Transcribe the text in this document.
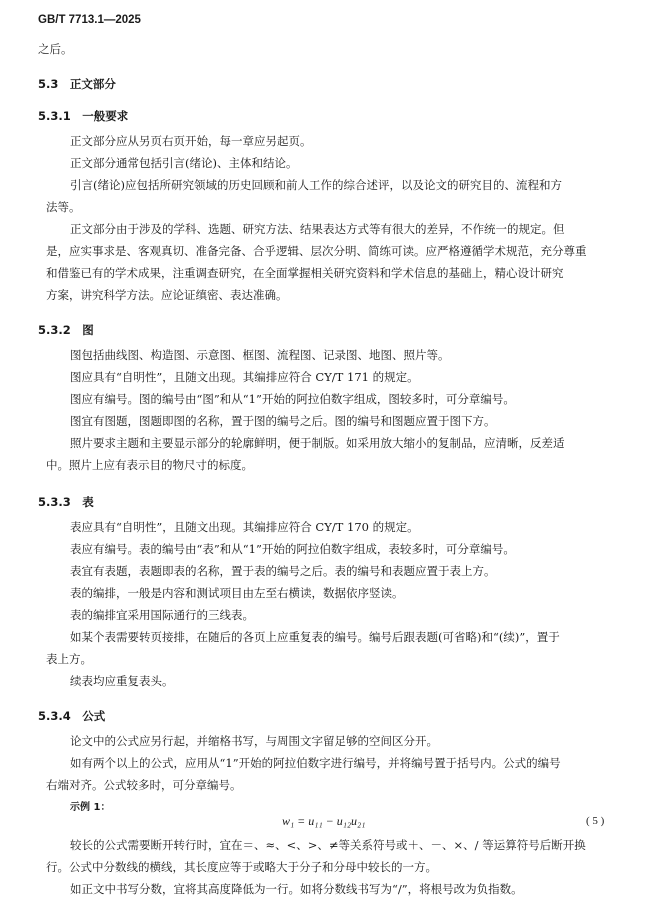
GB/T 7713.1—2025
之后。
5.3　正文部分
5.3.1　一般要求
正文部分应从另页右页开始，每一章应另起页。
正文部分通常包括引言(绪论)、主体和结论。
引言(绪论)应包括所研究领域的历史回顾和前人工作的综合述评，以及论文的研究目的、流程和方
法等。
正文部分由于涉及的学科、选题、研究方法、结果表达方式等有很大的差异，不作统一的规定。但
是，应实事求是、客观真切、准备完备、合乎逻辑、层次分明、简练可读。应严格遵循学术规范，充分尊重
和借鉴已有的学术成果，注重调查研究，在全面掌握相关研究资料和学术信息的基础上，精心设计研究
方案，讲究科学方法。应论证缜密、表达准确。
5.3.2　图
图包括曲线图、构造图、示意图、框图、流程图、记录图、地图、照片等。
图应具有“自明性”，且随文出现。其编排应符合 CY/T 171 的规定。
图应有编号。图的编号由“图”和从“1”开始的阿拉伯数字组成，图较多时，可分章编号。
图宜有图题，图题即图的名称，置于图的编号之后。图的编号和图题应置于图下方。
照片要求主题和主要显示部分的轮廓鲜明，便于制版。如采用放大缩小的复制品，应清晰，反差适
中。照片上应有表示目的物尺寸的标度。
5.3.3　表
表应具有“自明性”，且随文出现。其编排应符合 CY/T 170 的规定。
表应有编号。表的编号由“表”和从“1”开始的阿拉伯数字组成，表较多时，可分章编号。
表宜有表题，表题即表的名称，置于表的编号之后。表的编号和表题应置于表上方。
表的编排，一般是内容和测试项目由左至右横读，数据依序竖读。
表的编排宜采用国际通行的三线表。
如某个表需要转页接排，在随后的各页上应重复表的编号。编号后跟表题(可省略)和“(续)”，置于
表上方。
续表均应重复表头。
5.3.4　公式
论文中的公式应另行起，并缩格书写，与周围文字留足够的空间区分开。
如有两个以上的公式，应用从“1”开始的阿拉伯数字进行编号，并将编号置于括号内。公式的编号
右端对齐。公式较多时，可分章编号。
示例 1：
w₁ = u₁₁ − u₁₂u₂₁	( 5 )
较长的公式需要断开转行时，宜在＝、≈、<、>、≠等关系符号或＋、－、×、/ 等运算符号后断开换
行。公式中分数线的横线，其长度应等于或略大于分子和分母中较长的一方。
如正文中书写分数，宜将其高度降低为一行。如将分数线书写为“/”，将根号改为负指数。
